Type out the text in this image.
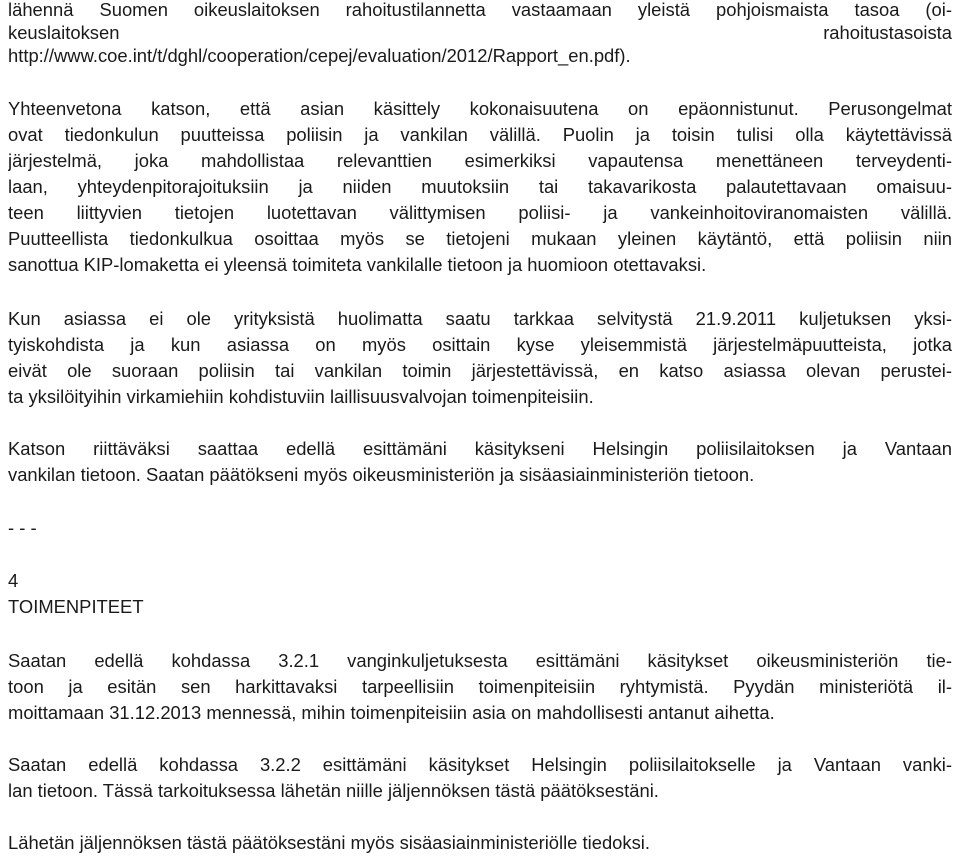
lähennä Suomen oikeuslaitoksen rahoitustilannetta vastaamaan yleistä pohjoismaista tasoa (oi-
keuslaitoksen	rahoitustasoista
http://www.coe.int/t/dghl/cooperation/cepej/evaluation/2012/Rapport_en.pdf).
Yhteenvetona katson, että asian käsittely kokonaisuutena on epäonnistunut. Perusongelmat
ovat tiedonkulun puutteissa poliisin ja vankilan välillä. Puolin ja toisin tulisi olla käytettävissä
järjestelmä, joka mahdollistaa relevanttien esimerkiksi vapautensa menettäneen terveydenti-
laan, yhteydenpitorajoituksiin ja niiden muutoksiin tai takavarikosta palautettavaan omaisuu-
teen liittyvien tietojen luotettavan välittymisen poliisi- ja vankeinhoitoviranomaisten välillä.
Puutteellista tiedonkulkua osoittaa myös se tietojeni mukaan yleinen käytäntö, että poliisin niin
sanottua KIP-lomaketta ei yleensä toimiteta vankilalle tietoon ja huomioon otettavaksi.
Kun asiassa ei ole yrityksistä huolimatta saatu tarkkaa selvitystä 21.9.2011 kuljetuksen yksi-
tyiskohdista ja kun asiassa on myös osittain kyse yleisemmistä järjestelmäpuutteista, jotka
eivät ole suoraan poliisin tai vankilan toimin järjestettävissä, en katso asiassa olevan perustei-
ta yksilöityihin virkamiehiin kohdistuviin laillisuusvalvojan toimenpiteisiin.
Katson riittäväksi saattaa edellä esittämäni käsitykseni Helsingin poliisilaitoksen ja Vantaan
vankilan tietoon. Saatan päätökseni myös oikeusministeriön ja sisäasiainministeriön tietoon.
- - -
4
TOIMENPITEET
Saatan edellä kohdassa 3.2.1 vanginkuljetuksesta esittämäni käsitykset oikeusministeriön tie-
toon ja esitän sen harkittavaksi tarpeellisiin toimenpiteisiin ryhtymistä. Pyydän ministeriötä il-
moittamaan 31.12.2013 mennessä, mihin toimenpiteisiin asia on mahdollisesti antanut aihetta.
Saatan edellä kohdassa 3.2.2 esittämäni käsitykset Helsingin poliisilaitokselle ja Vantaan vanki-
lan tietoon. Tässä tarkoituksessa lähetän niille jäljennöksen tästä päätöksestäni.
Lähetän jäljennöksen tästä päätöksestäni myös sisäasiainministeriölle tiedoksi.
